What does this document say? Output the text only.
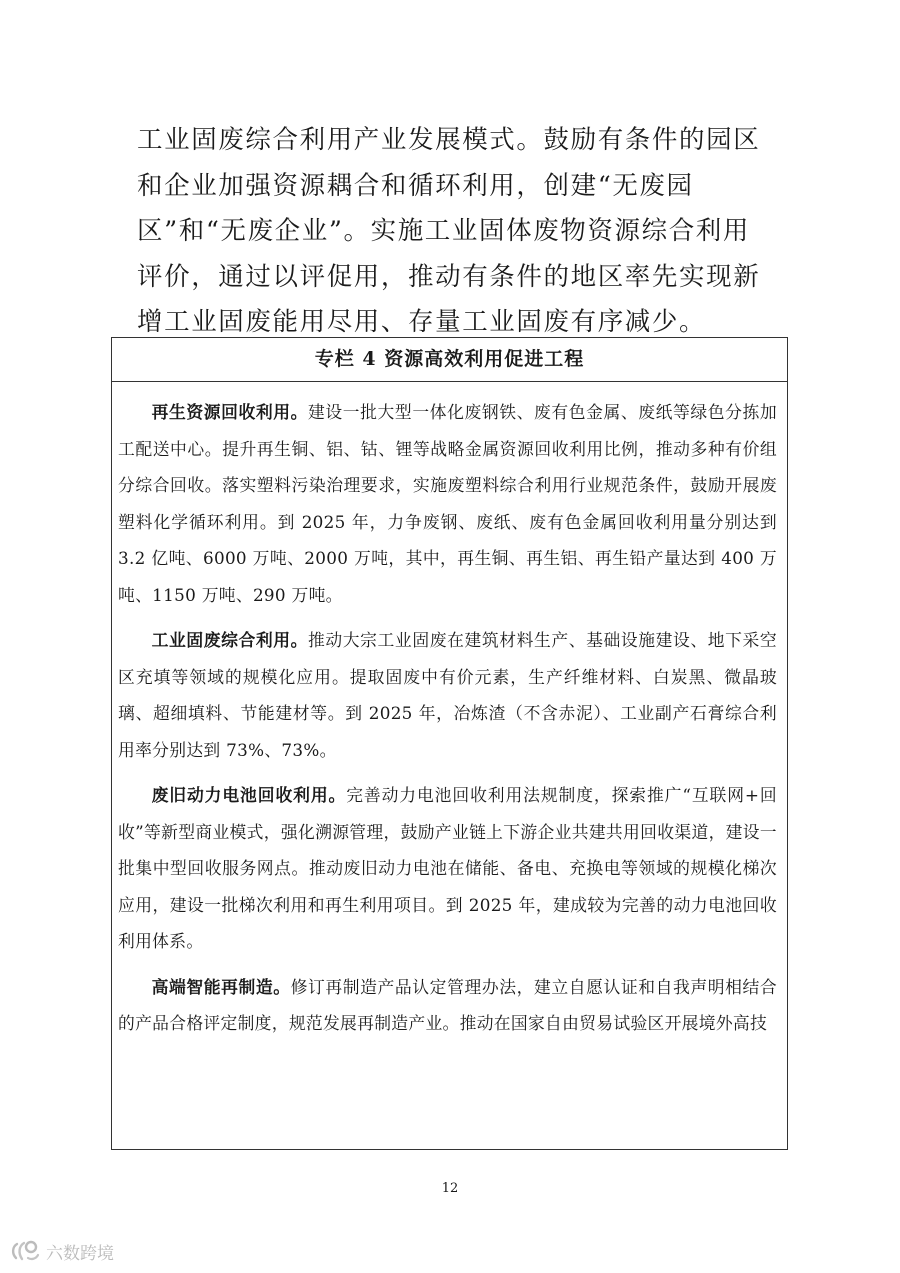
工业固废综合利用产业发展模式。鼓励有条件的园区和企业加强资源耦合和循环利用，创建“无废园区”和“无废企业”。实施工业固体废物资源综合利用评价，通过以评促用，推动有条件的地区率先实现新增工业固废能用尽用、存量工业固废有序减少。

专栏 4 资源高效利用促进工程

再生资源回收利用。建设一批大型一体化废钢铁、废有色金属、废纸等绿色分拣加工配送中心。提升再生铜、铝、钴、锂等战略金属资源回收利用比例，推动多种有价组分综合回收。落实塑料污染治理要求，实施废塑料综合利用行业规范条件，鼓励开展废塑料化学循环利用。到 2025 年，力争废钢、废纸、废有色金属回收利用量分别达到 3.2 亿吨、6000 万吨、2000 万吨，其中，再生铜、再生铝、再生铅产量达到 400 万吨、1150 万吨、290 万吨。

工业固废综合利用。推动大宗工业固废在建筑材料生产、基础设施建设、地下采空区充填等领域的规模化应用。提取固废中有价元素，生产纤维材料、白炭黑、微晶玻璃、超细填料、节能建材等。到 2025 年，冶炼渣（不含赤泥）、工业副产石膏综合利用率分别达到 73%、73%。

废旧动力电池回收利用。完善动力电池回收利用法规制度，探索推广“互联网+回收”等新型商业模式，强化溯源管理，鼓励产业链上下游企业共建共用回收渠道，建设一批集中型回收服务网点。推动废旧动力电池在储能、备电、充换电等领域的规模化梯次应用，建设一批梯次利用和再生利用项目。到 2025 年，建成较为完善的动力电池回收利用体系。

高端智能再制造。修订再制造产品认定管理办法，建立自愿认证和自我声明相结合的产品合格评定制度，规范发展再制造产业。推动在国家自由贸易试验区开展境外高技

12
六数跨境
